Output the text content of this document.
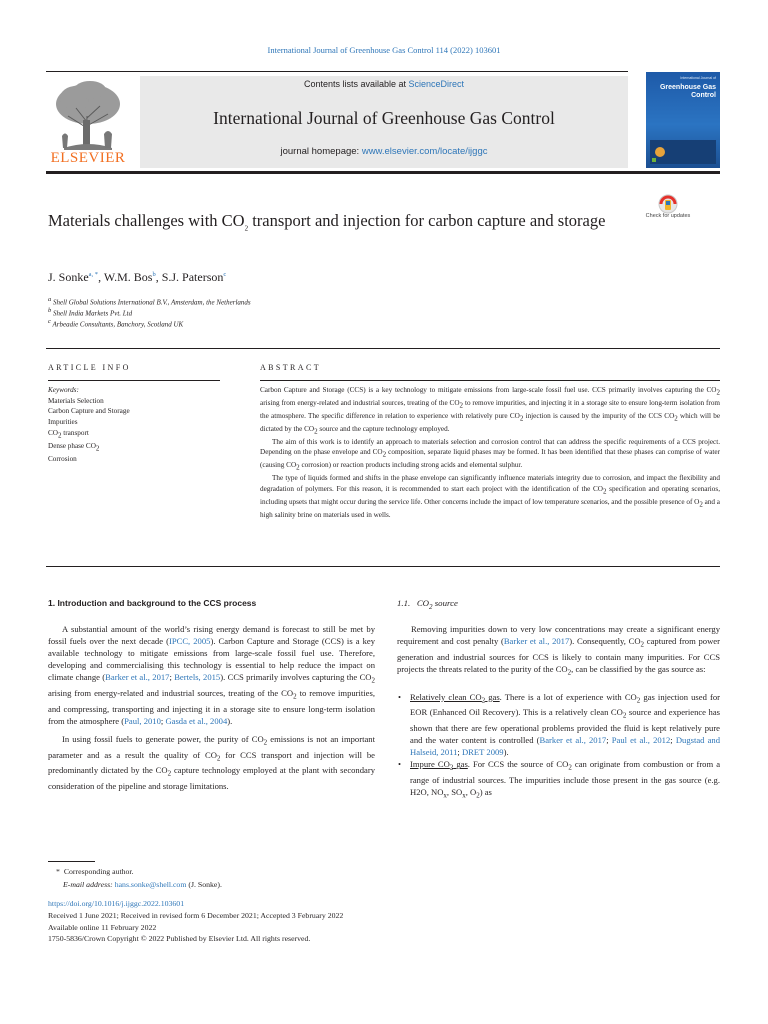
International Journal of Greenhouse Gas Control 114 (2022) 103601
ELSEVIER
Contents lists available at ScienceDirect
International Journal of Greenhouse Gas Control
journal homepage: www.elsevier.com/locate/ijggc
International Journal of
Greenhouse Gas Control
Materials challenges with $CO_2$ transport and injection for carbon capture and storage	Check for updates
J. Sonke$^{a, *}$, W.M. Bos$^b$, S.J. Paterson$^c$
$^a$ Shell Global Solutions International B.V., Amsterdam, the Netherlands
$^b$ Shell India Markets Pvt. Ltd
$^c$ Arbeadie Consultants, Banchory, Scotland UK
ARTICLE INFO
Keywords:
Materials Selection
Carbon Capture and Storage
Impurities
$CO_2$ transport
Dense phase $CO_2$
Corrosion
ABSTRACT

Carbon Capture and Storage (CCS) is a key technology to mitigate emissions from large-scale fossil fuel use. CCS primarily involves capturing the $CO_2$ arising from energy-related and industrial sources, treating of the $CO_2$ to remove impurities, and injecting it in a storage site to ensure long-term isolation from the atmosphere. The specific difference in relation to experience with relatively pure $CO_2$ injection is caused by the impurity of the CCS $CO_2$ which will be dictated by the $CO_2$ source and the capture technology employed.

The aim of this work is to identify an approach to materials selection and corrosion control that can address the specific requirements of a CCS project. Depending on the phase envelope and $CO_2$ composition, separate liquid phases may be formed. It has been identified that these phases can comprise of water (causing $CO_2$ corrosion) or reaction products including strong acids and elemental sulphur.

The type of liquids formed and shifts in the phase envelope can significantly influence materials integrity due to corrosion, and impact the flexibility and degradation of polymers. For this reason, it is recommended to start each project with the identification of the $CO_2$ specification and operating scenarios, including upsets that might occur during the service life. Other concerns include the impact of low temperature scenarios, and the possible presence of $O_2$ and a high salinity brine on materials used in wells.

1. Introduction and background to the CCS process

A substantial amount of the world’s rising energy demand is forecast to still be met by fossil fuels over the next decade (IPCC, 2005). Carbon Capture and Storage (CCS) is a key available technology to mitigate emissions from large-scale fossil fuel use. Therefore, developing and commercialising this technology is essential to help reduce the impact on climate change (Barker et al., 2017; Bertels, 2015). CCS primarily involves capturing the $CO_2$ arising from energy-related and industrial sources, treating of the $CO_2$ to remove impurities, and compressing, transporting and injecting it in a storage site to ensure long-term isolation from the atmosphere (Paul, 2010; Gasda et al., 2004).

In using fossil fuels to generate power, the purity of $CO_2$ emissions is not an important parameter and as a result the quality of $CO_2$ for CCS transport and injection will be predominantly dictated by the $CO_2$ capture technology employed at the plant with secondary consideration of the pipeline and storage limitations.

1.1. $CO_2$ source

Removing impurities down to very low concentrations may create a significant energy requirement and cost penalty (Barker et al., 2017). Consequently, $CO_2$ captured from power generation and industrial sources for CCS is likely to contain many impurities. For CCS projects the threats related to the purity of the $CO_2$, can be classified by the gas source as:

• Relatively clean $CO_2$ gas. There is a lot of experience with $CO_2$ gas injection used for EOR (Enhanced Oil Recovery). This is a relatively clean $CO_2$ source and experience has shown that there are few operational problems provided the fluid is kept relatively pure and the water content is controlled (Barker et al., 2017; Paul et al., 2012; Dugstad and Halseid, 2011; DRET 2009).

• Impure $CO_2$ gas. For CCS the source of $CO_2$ can originate from combustion or from a range of industrial sources. The impurities include those present in the gas source (e.g. H2O, $NO_x$, $SO_x$, $O_2$) as

* Corresponding author.
E-mail address: hans.sonke@shell.com (J. Sonke).
https://doi.org/10.1016/j.ijggc.2022.103601
Received 1 June 2021; Received in revised form 6 December 2021; Accepted 3 February 2022
Available online 11 February 2022
1750-5836/Crown Copyright © 2022 Published by Elsevier Ltd. All rights reserved.
